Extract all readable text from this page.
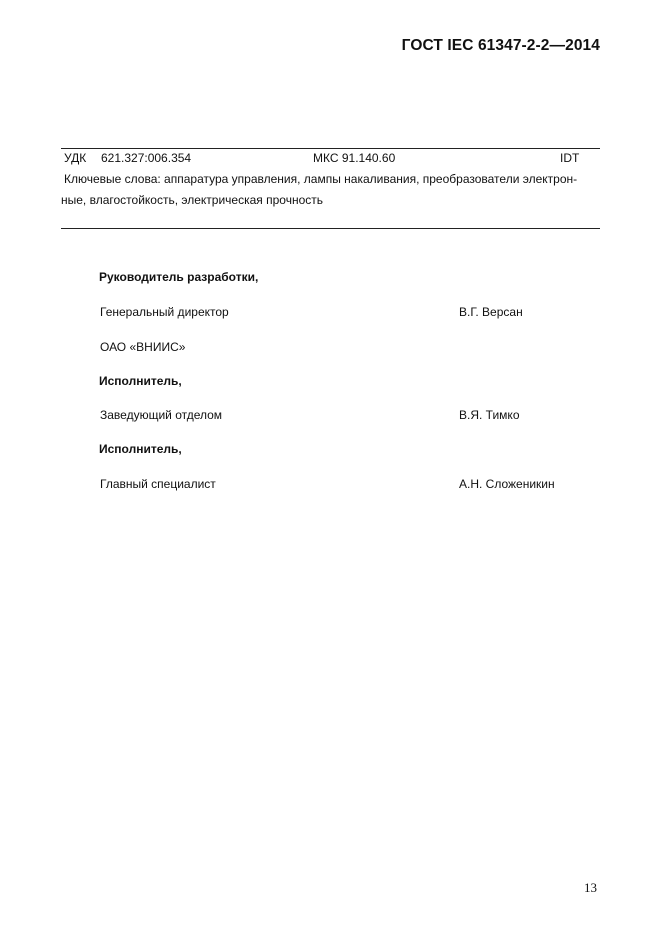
ГОСТ IEC 61347-2-2—2014
УДК 621.327:006.354	МКС 91.140.60	IDT
Ключевые слова: аппаратура управления, лампы накаливания, преобразователи электрон-
ные, влагостойкость, электрическая прочность
Руководитель разработки,
Генеральный директор	В.Г. Версан
ОАО «ВНИИС»
Исполнитель,
Заведующий отделом	В.Я. Тимко
Исполнитель,
Главный специалист	А.Н. Сложеникин
13
